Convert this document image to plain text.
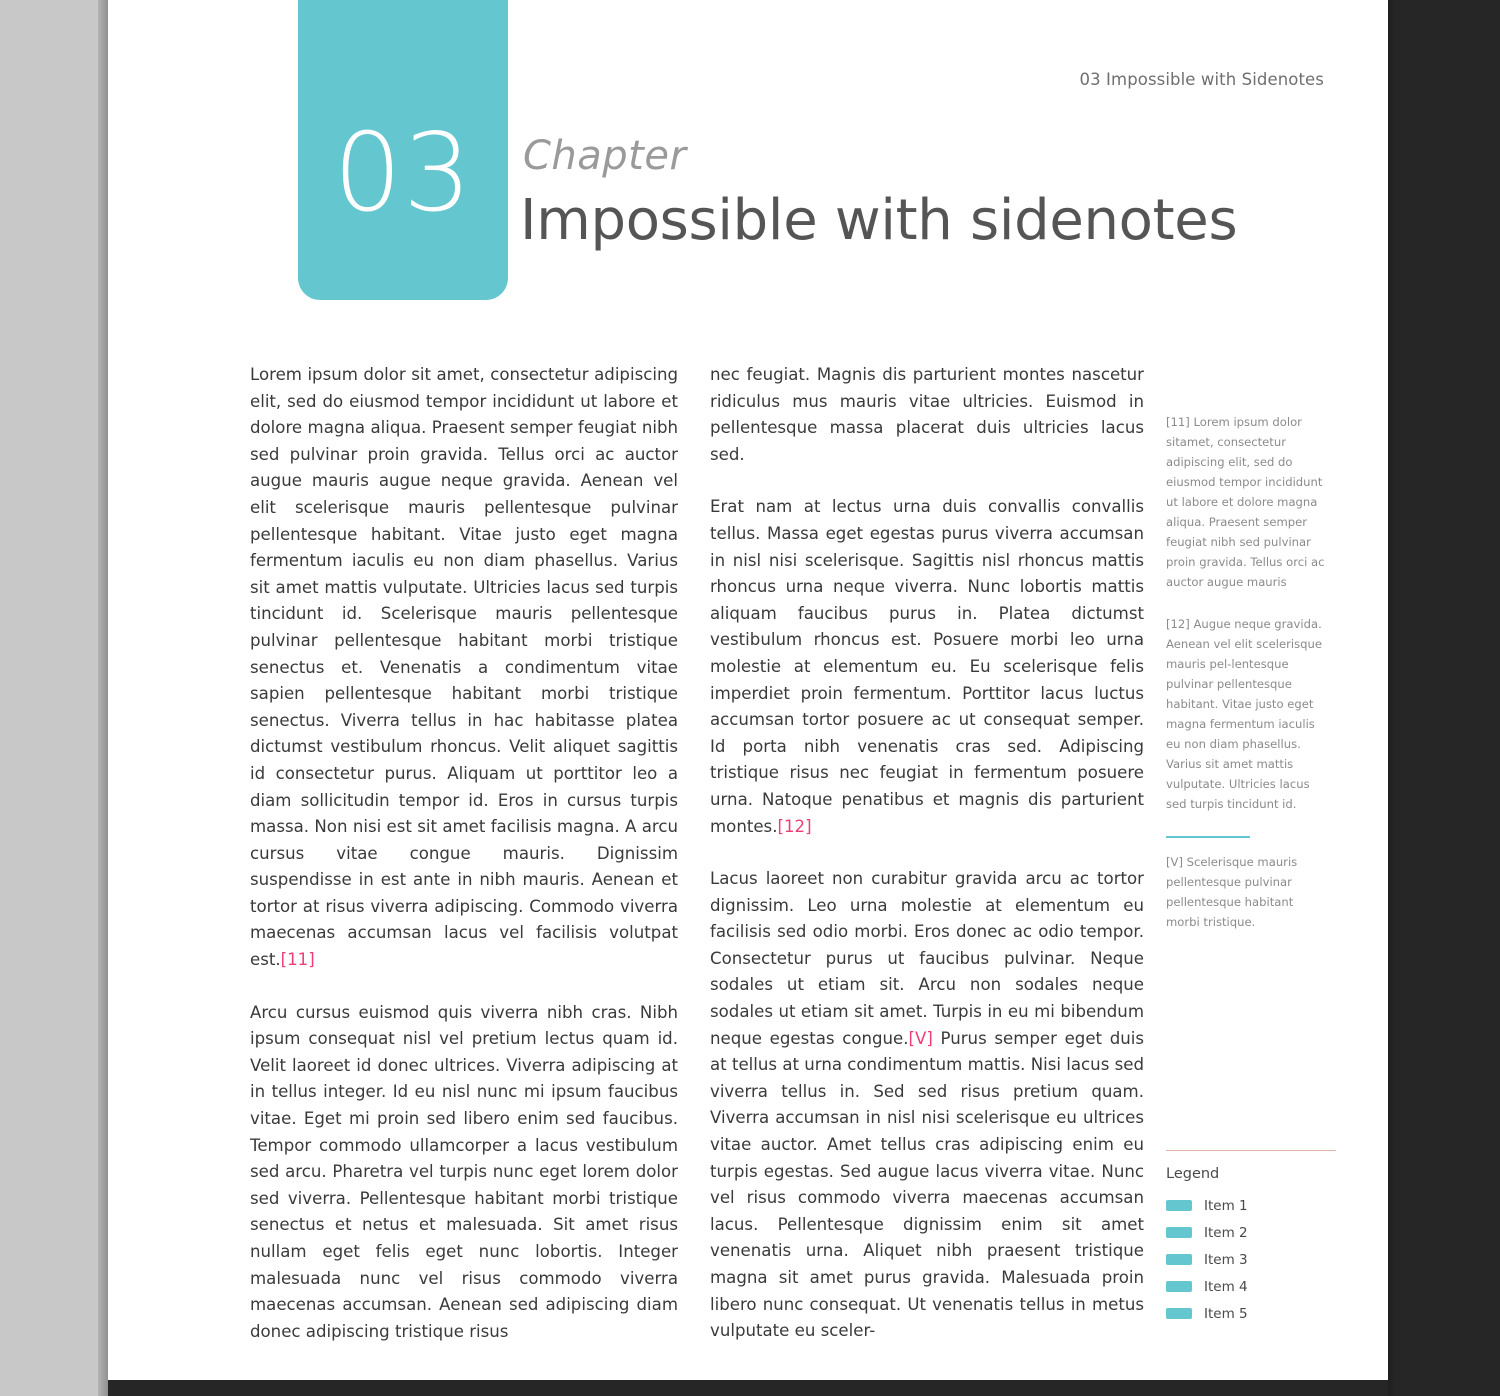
03 Impossible with Sidenotes
03	Chapter
Impossible with sidenotes

Lorem ipsum dolor sit amet, consectetur adipiscing elit, sed do eiusmod tempor incididunt ut labore et dolore magna aliqua. Praesent semper feugiat nibh sed pulvinar proin gravida. Tellus orci ac auctor augue mauris augue neque gravida. Aenean vel elit scelerisque mauris pellentesque pulvinar pellentesque habitant. Vitae justo eget magna fermentum iaculis eu non diam phasellus. Varius sit amet mattis vulputate. Ultricies lacus sed turpis tincidunt id. Scelerisque mauris pellentesque pulvinar pellentesque habitant morbi tristique senectus et. Venenatis a condimentum vitae sapien pellentesque habitant morbi tristique senectus. Viverra tellus in hac habitasse platea dictumst vestibulum rhoncus. Velit aliquet sagittis id consectetur purus. Aliquam ut porttitor leo a diam sollicitudin tempor id. Eros in cursus turpis massa. Non nisi est sit amet facilisis magna. A arcu cursus vitae congue mauris. Dignissim suspendisse in est ante in nibh mauris. Aenean et tortor at risus viverra adipiscing. Commodo viverra maecenas accumsan lacus vel facilisis volutpat est.[11]

Arcu cursus euismod quis viverra nibh cras. Nibh ipsum consequat nisl vel pretium lectus quam id. Velit laoreet id donec ultrices. Viverra adipiscing at in tellus integer. Id eu nisl nunc mi ipsum faucibus vitae. Eget mi proin sed libero enim sed faucibus. Tempor commodo ullamcorper a lacus vestibulum sed arcu. Pharetra vel turpis nunc eget lorem dolor sed viverra. Pellentesque habitant morbi tristique senectus et netus et malesuada. Sit amet risus nullam eget felis eget nunc lobortis. Integer malesuada nunc vel risus commodo viverra maecenas accumsan. Aenean sed adipiscing diam donec adipiscing tristique risus

nec feugiat. Magnis dis parturient montes nascetur ridiculus mus mauris vitae ultricies. Euismod in pellentesque massa placerat duis ultricies lacus sed.

Erat nam at lectus urna duis convallis convallis tellus. Massa eget egestas purus viverra accumsan in nisl nisi scelerisque. Sagittis nisl rhoncus mattis rhoncus urna neque viverra. Nunc lobortis mattis aliquam faucibus purus in. Platea dictumst vestibulum rhoncus est. Posuere morbi leo urna molestie at elementum eu. Eu scelerisque felis imperdiet proin fermentum. Porttitor lacus luctus accumsan tortor posuere ac ut consequat semper. Id porta nibh venenatis cras sed. Adipiscing tristique risus nec feugiat in fermentum posuere urna. Natoque penatibus et magnis dis parturient montes.[12]

Lacus laoreet non curabitur gravida arcu ac tortor dignissim. Leo urna molestie at elementum eu facilisis sed odio morbi. Eros donec ac odio tempor. Consectetur purus ut faucibus pulvinar. Neque sodales ut etiam sit. Arcu non sodales neque sodales ut etiam sit amet. Turpis in eu mi bibendum neque egestas congue.[V] Purus semper eget duis at tellus at urna condimentum mattis. Nisi lacus sed viverra tellus in. Sed sed risus pretium quam. Viverra accumsan in nisl nisi scelerisque eu ultrices vitae auctor. Amet tellus cras adipiscing enim eu turpis egestas. Sed augue lacus viverra vitae. Nunc vel risus commodo viverra maecenas accumsan lacus. Pellentesque dignissim enim sit amet venenatis urna. Aliquet nibh praesent tristique magna sit amet purus gravida. Malesuada proin libero nunc consequat. Ut venenatis tellus in metus vulputate eu sceler-

[11] Lorem ipsum dolor sitamet, consectetur adipiscing elit, sed do eiusmod tempor incididunt ut labore et dolore magna aliqua. Praesent semper feugiat nibh sed pulvinar proin gravida. Tellus orci ac auctor augue mauris
[12] Augue neque gravida. Aenean vel elit scelerisque mauris pel-lentesque pulvinar pellentesque habitant. Vitae justo eget magna fermentum iaculis eu non diam phasellus. Varius sit amet mattis vulputate. Ultricies lacus sed turpis tincidunt id.
[V] Scelerisque mauris pellentesque pulvinar pellentesque habitant morbi tristique.
Legend
Item 1
Item 2
Item 3
Item 4
Item 5
